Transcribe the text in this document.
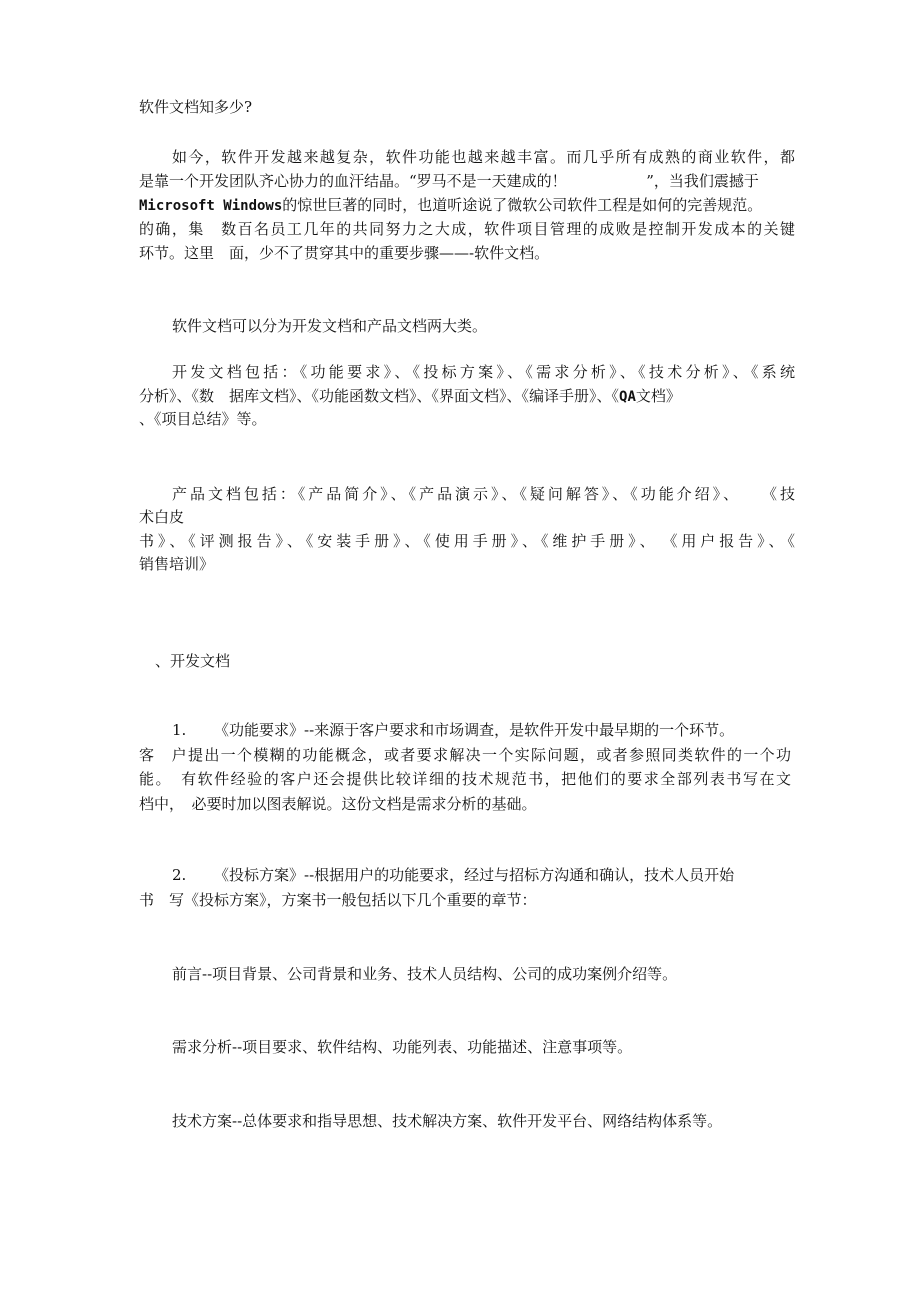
软件文档知多少?
如今，软件开发越来越复杂，软件功能也越来越丰富。而几乎所有成熟的商业软件，都
是靠一个开发团队齐心协力的血汗结晶。“罗马不是一天建成的！	”，当我们震撼于
Microsoft Windows的惊世巨著的同时，也道听途说了微软公司软件工程是如何的完善规范。
的确，集　数百名员工几年的共同努力之大成，软件项目管理的成败是控制开发成本的关键
环节。这里　面，少不了贯穿其中的重要步骤——-软件文档。
软件文档可以分为开发文档和产品文档两大类。
开发文档包括：《功能要求》、《投标方案》、《需求分析》、《技术分析》、《系统
分析》、《数　据库文档》、《功能函数文档》、《界面文档》、《编译手册》、《QA文档》
、《项目总结》等。
产品文档包括：《产品简介》、《产品演示》、《疑问解答》、《功能介绍》、　　《技
术白皮
书》、《评测报告》、《安装手册》、《使用手册》、《维护手册》、　《用户报告》、《
销售培训》
、开发文档
1. 《功能要求》--来源于客户要求和市场调查，是软件开发中最早期的一个环节。
客　户提出一个模糊的功能概念，或者要求解决一个实际问题，或者参照同类软件的一个功
能。　有软件经验的客户还会提供比较详细的技术规范书，把他们的要求全部列表书写在文
档中，　必要时加以图表解说。这份文档是需求分析的基础。
2. 《投标方案》--根据用户的功能要求，经过与招标方沟通和确认，技术人员开始
书　写《投标方案》，方案书一般包括以下几个重要的章节：
前言--项目背景、公司背景和业务、技术人员结构、公司的成功案例介绍等。
需求分析--项目要求、软件结构、功能列表、功能描述、注意事项等。
技术方案--总体要求和指导思想、技术解决方案、软件开发平台、网络结构体系等。
